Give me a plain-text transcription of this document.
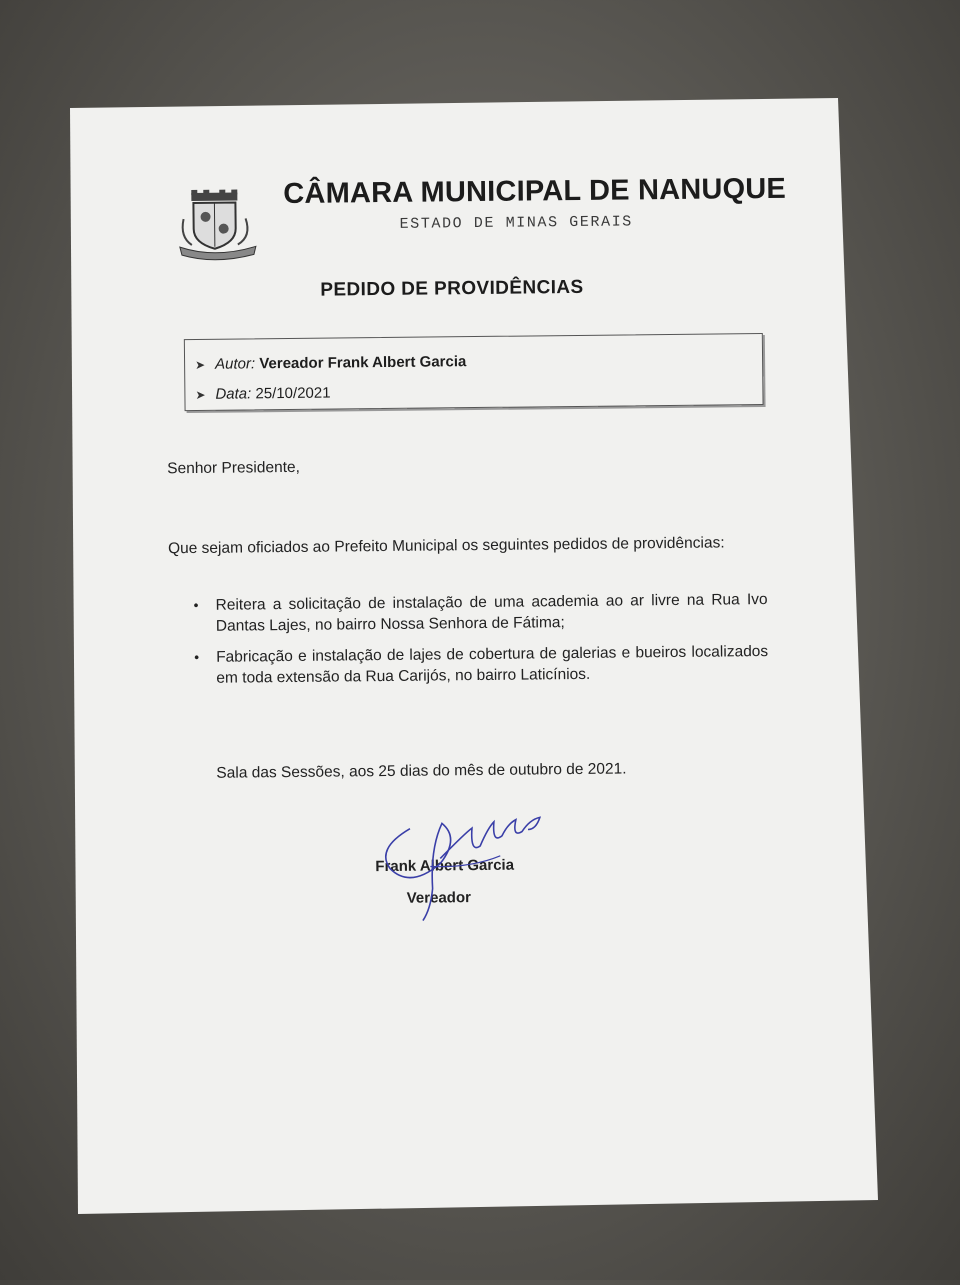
CÂMARA MUNICIPAL DE NANUQUE
ESTADO DE MINAS GERAIS
PEDIDO DE PROVIDÊNCIAS
➤ Autor: Vereador Frank Albert Garcia
➤ Data: 25/10/2021
Senhor Presidente,
Que sejam oficiados ao Prefeito Municipal os seguintes pedidos de providências:
• Reitera a solicitação de instalação de uma academia ao ar livre na Rua Ivo Dantas Lajes, no bairro Nossa Senhora de Fátima;
• Fabricação e instalação de lajes de cobertura de galerias e bueiros localizados em toda extensão da Rua Carijós, no bairro Laticínios.
Sala das Sessões, aos 25 dias do mês de outubro de 2021.
Frank Albert Garcia
Vereador
